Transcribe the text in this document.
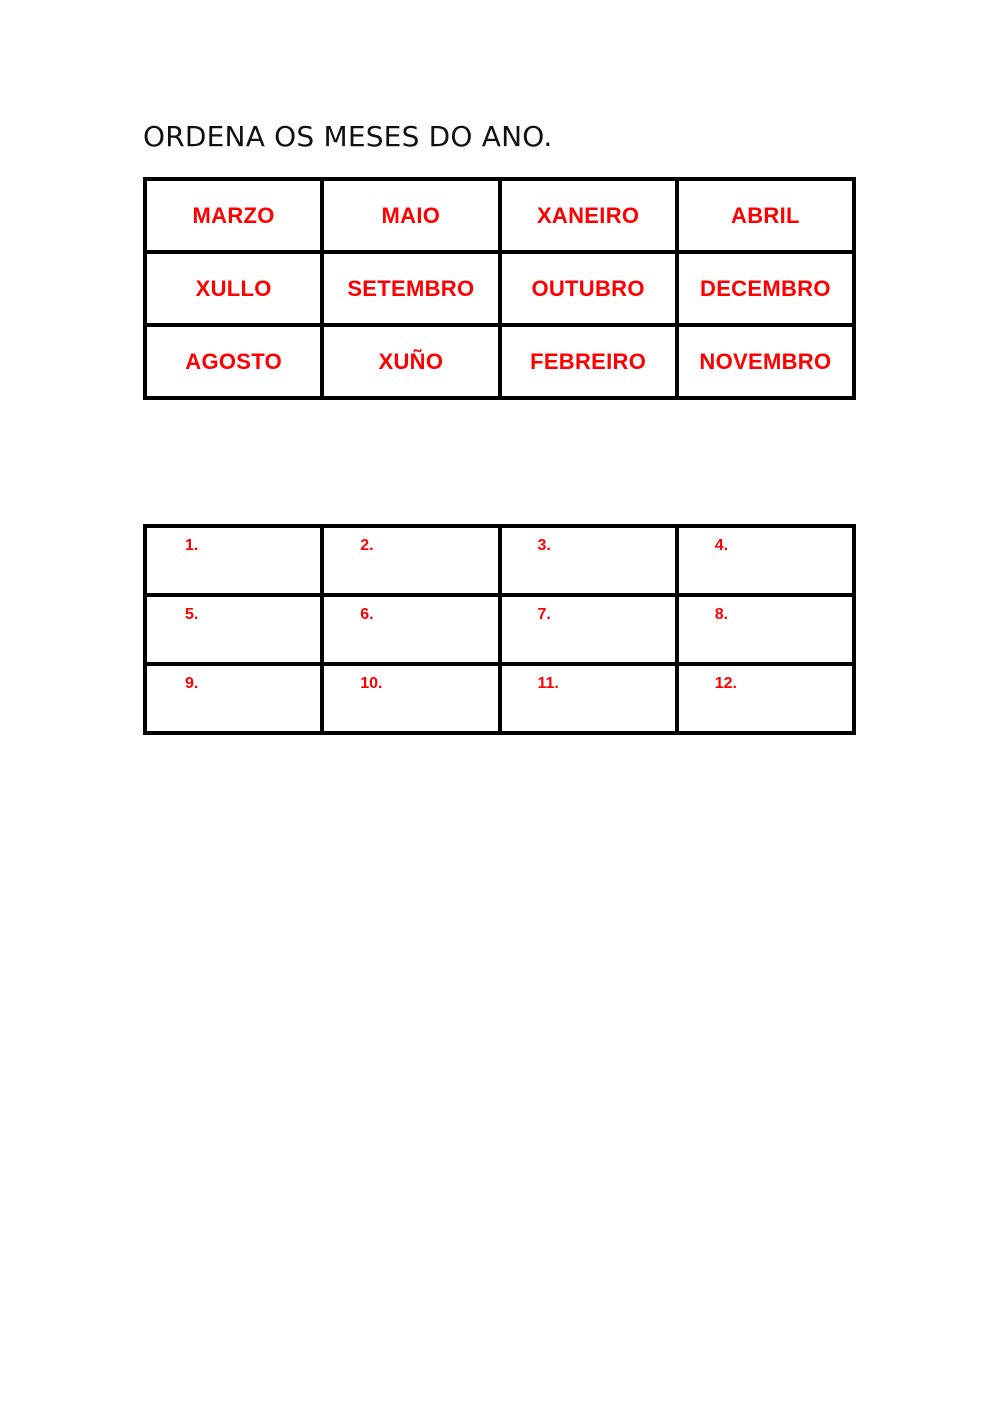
ORDENA OS MESES DO ANO.
MARZO	MAIO	XANEIRO	ABRIL
XULLO	SETEMBRO	OUTUBRO	DECEMBRO
AGOSTO	XUÑO	FEBREIRO	NOVEMBRO
1.	2.	3.	4.
5.	6.	7.	8.
9.	10.	11.	12.
